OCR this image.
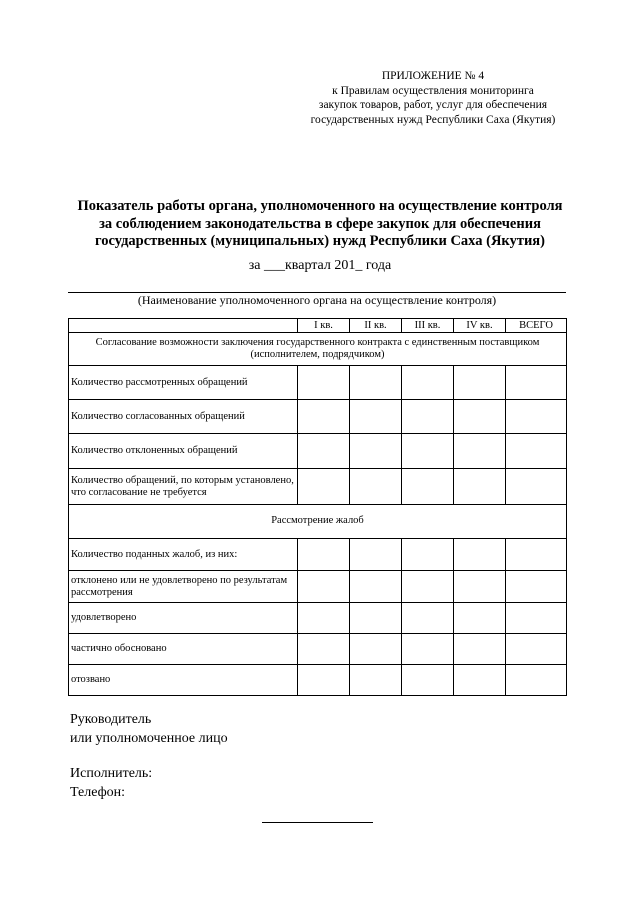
ПРИЛОЖЕНИЕ № 4
к Правилам осуществления мониторинга
закупок товаров, работ, услуг для обеспечения
государственных нужд Республики Саха (Якутия)
Показатель работы органа, уполномоченного на осуществление контроля
за соблюдением законодательства в сфере закупок для обеспечения
государственных (муниципальных) нужд Республики Саха (Якутия)
за ___квартал 201_ года
(Наименование уполномоченного органа на осуществление контроля)
	I кв.	II кв.	III кв.	IV кв.	ВСЕГО
Согласование возможности заключения государственного контракта с единственным поставщиком (исполнителем, подрядчиком)					
Количество рассмотренных обращений					
Количество согласованных обращений					
Количество отклоненных обращений					
Количество обращений, по которым установлено, что согласование не требуется					
Рассмотрение жалоб					
Количество поданных жалоб, из них:					
отклонено или не удовлетворено по результатам рассмотрения					
удовлетворено					
частично обосновано					
отозвано					
Руководитель
или уполномоченное лицо
Исполнитель:
Телефон:
